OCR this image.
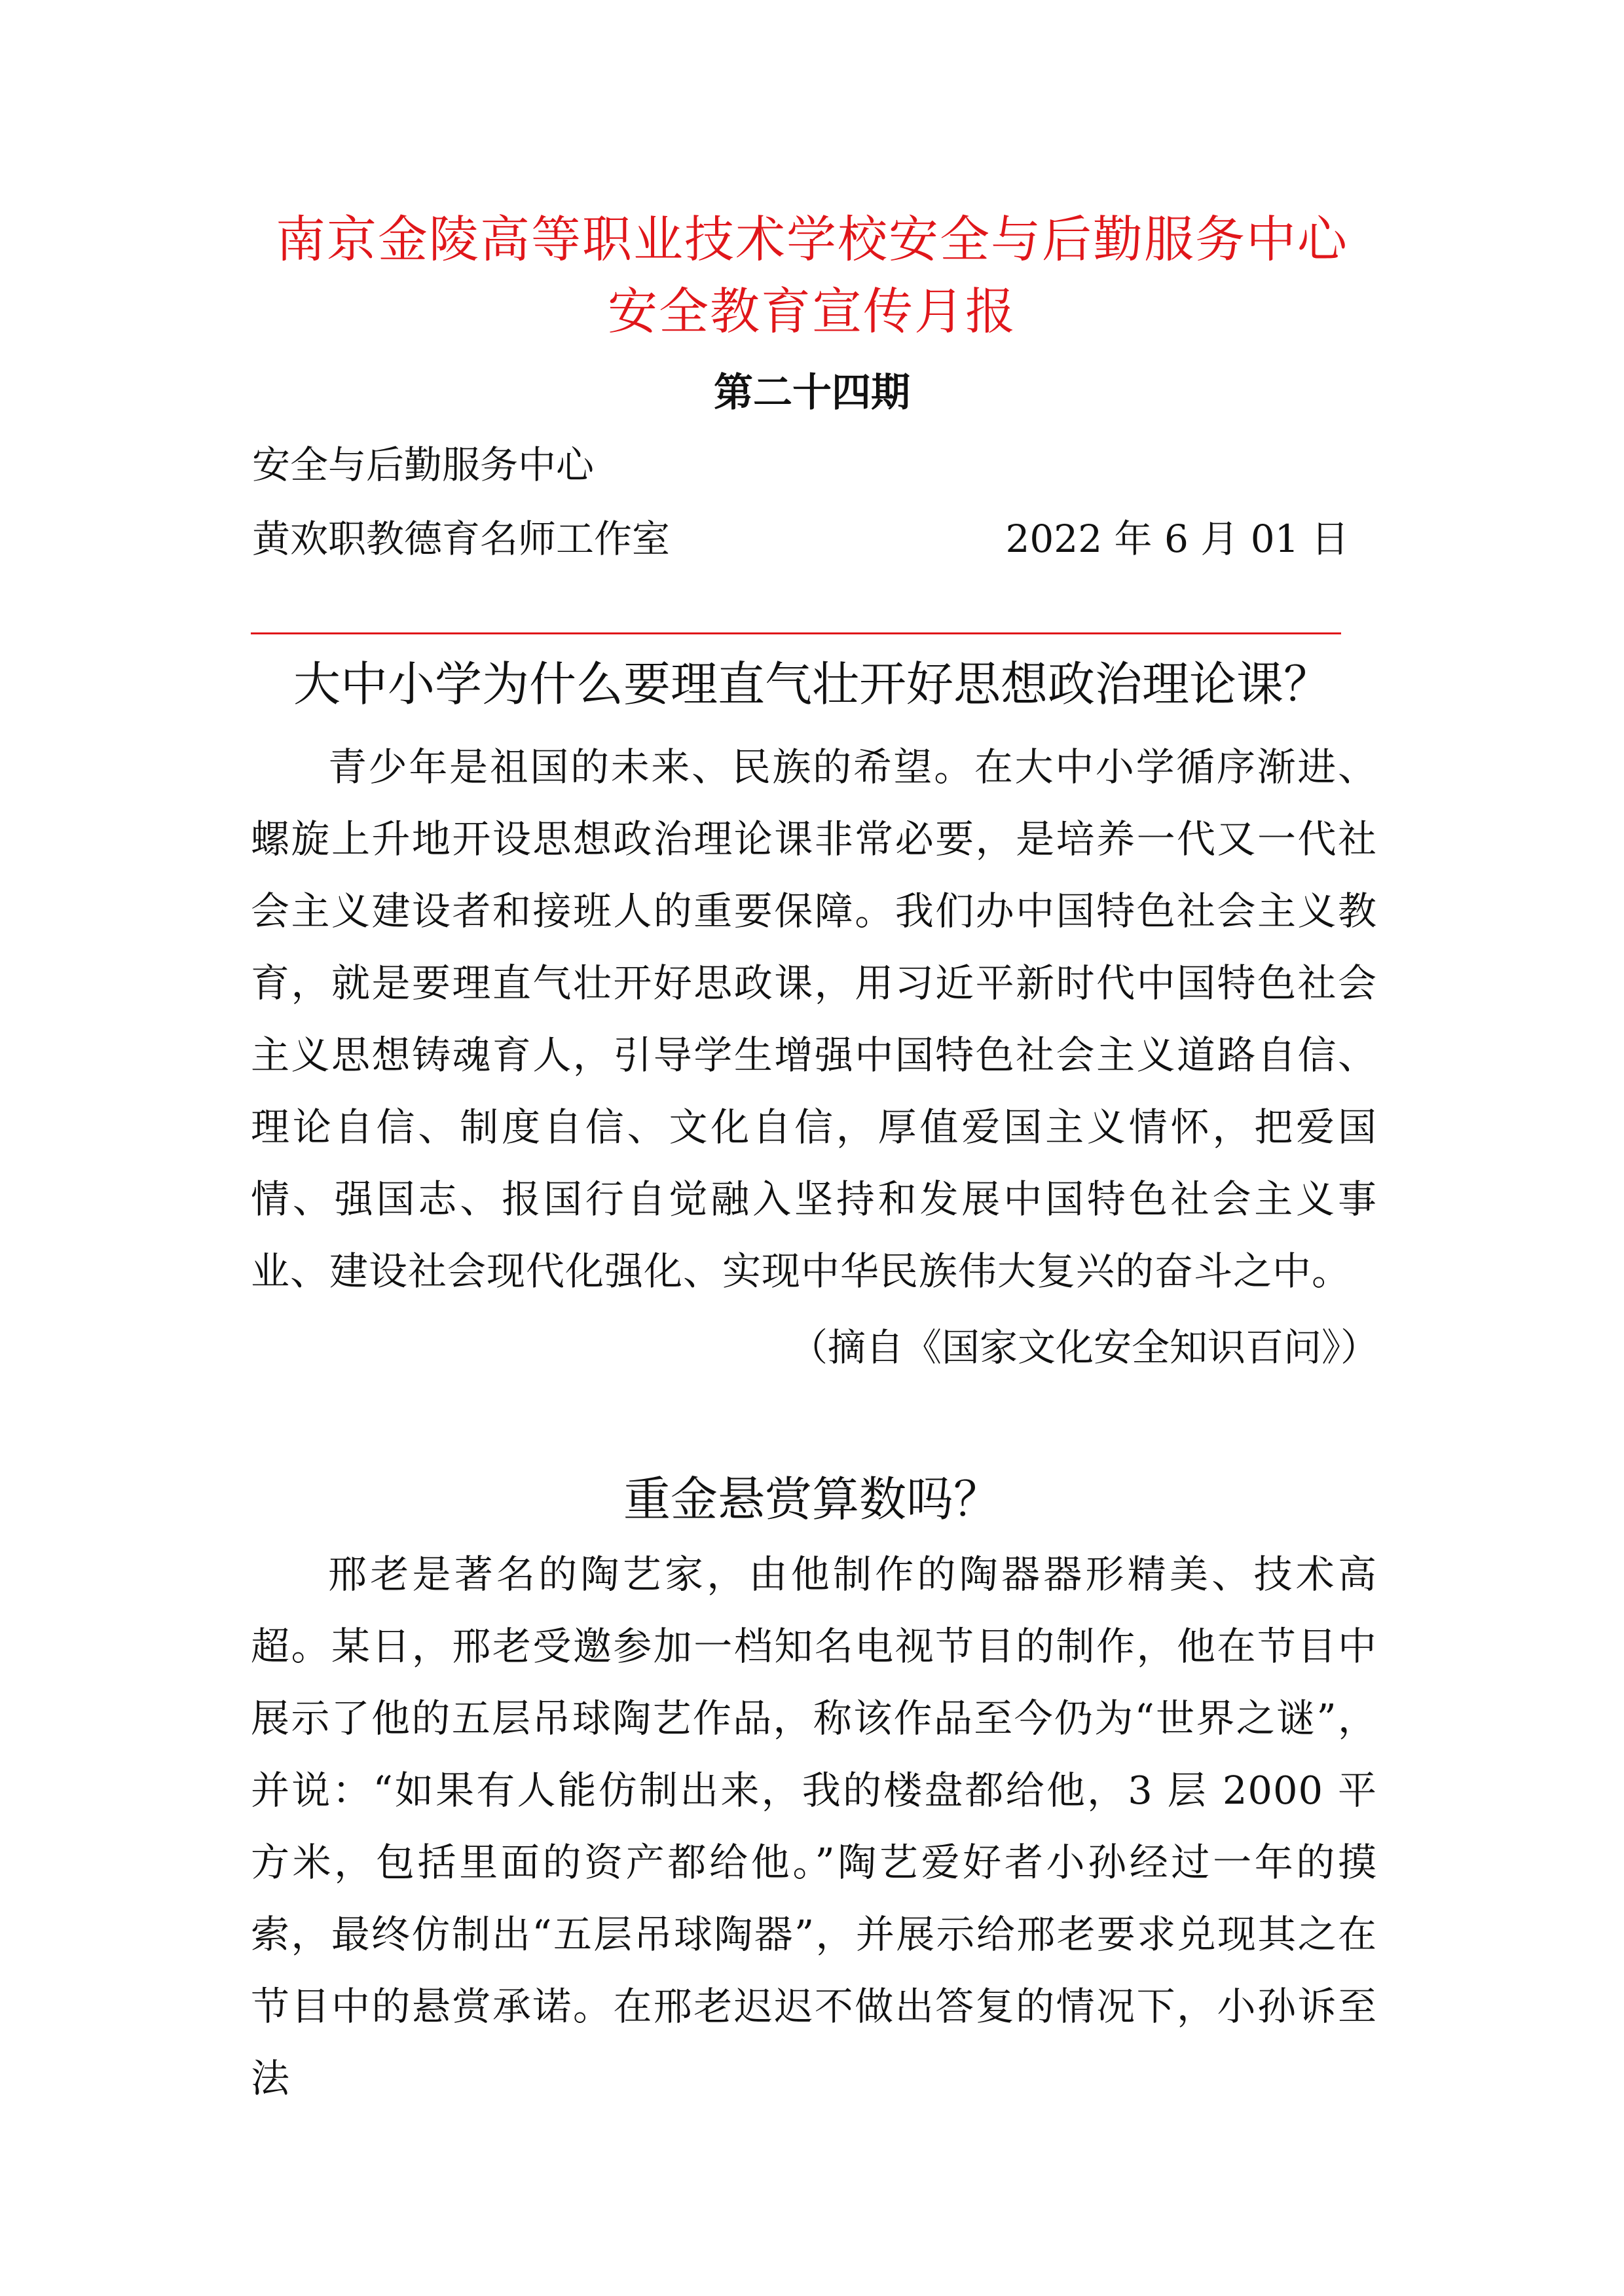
南京金陵高等职业技术学校安全与后勤服务中心
安全教育宣传月报
第二十四期
安全与后勤服务中心
黄欢职教德育名师工作室	2022 年 6 月 01 日
大中小学为什么要理直气壮开好思想政治理论课？
青少年是祖国的未来、民族的希望。在大中小学循序渐进、螺旋上升地开设思想政治理论课非常必要，是培养一代又一代社会主义建设者和接班人的重要保障。我们办中国特色社会主义教育，就是要理直气壮开好思政课，用习近平新时代中国特色社会主义思想铸魂育人，引导学生增强中国特色社会主义道路自信、理论自信、制度自信、文化自信，厚值爱国主义情怀，把爱国情、强国志、报国行自觉融入坚持和发展中国特色社会主义事业、建设社会现代化强化、实现中华民族伟大复兴的奋斗之中。
（摘自《国家文化安全知识百问》）
重金悬赏算数吗？
邢老是著名的陶艺家，由他制作的陶器器形精美、技术高超。某日，邢老受邀参加一档知名电视节目的制作，他在节目中展示了他的五层吊球陶艺作品，称该作品至今仍为“世界之谜”，并说：“如果有人能仿制出来，我的楼盘都给他，3 层 2000 平方米，包括里面的资产都给他。”陶艺爱好者小孙经过一年的摸索，最终仿制出“五层吊球陶器”，并展示给邢老要求兑现其之在节目中的悬赏承诺。在邢老迟迟不做出答复的情况下，小孙诉至法
